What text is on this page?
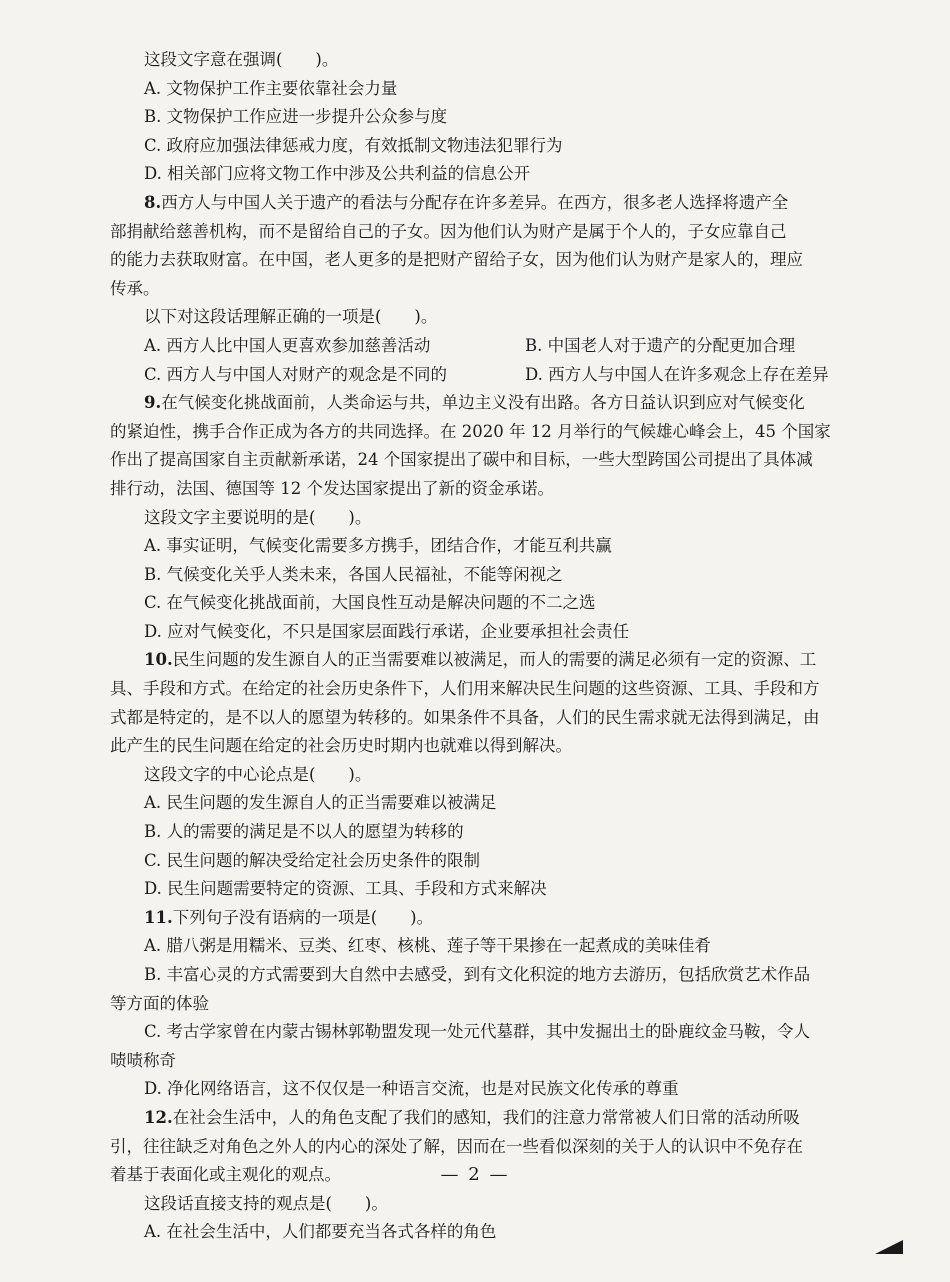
这段文字意在强调(　　)。
A. 文物保护工作主要依靠社会力量
B. 文物保护工作应进一步提升公众参与度
C. 政府应加强法律惩戒力度，有效抵制文物违法犯罪行为
D. 相关部门应将文物工作中涉及公共利益的信息公开
8.西方人与中国人关于遗产的看法与分配存在许多差异。在西方，很多老人选择将遗产全
部捐献给慈善机构，而不是留给自己的子女。因为他们认为财产是属于个人的，子女应靠自己
的能力去获取财富。在中国，老人更多的是把财产留给子女，因为他们认为财产是家人的，理应
传承。
以下对这段话理解正确的一项是(　　)。
A. 西方人比中国人更喜欢参加慈善活动	B. 中国老人对于遗产的分配更加合理
C. 西方人与中国人对财产的观念是不同的	D. 西方人与中国人在许多观念上存在差异
9.在气候变化挑战面前，人类命运与共，单边主义没有出路。各方日益认识到应对气候变化
的紧迫性，携手合作正成为各方的共同选择。在 2020 年 12 月举行的气候雄心峰会上，45 个国家
作出了提高国家自主贡献新承诺，24 个国家提出了碳中和目标，一些大型跨国公司提出了具体减
排行动，法国、德国等 12 个发达国家提出了新的资金承诺。
这段文字主要说明的是(　　)。
A. 事实证明，气候变化需要多方携手，团结合作，才能互利共赢
B. 气候变化关乎人类未来，各国人民福祉，不能等闲视之
C. 在气候变化挑战面前，大国良性互动是解决问题的不二之选
D. 应对气候变化，不只是国家层面践行承诺，企业要承担社会责任
10.民生问题的发生源自人的正当需要难以被满足，而人的需要的满足必须有一定的资源、工
具、手段和方式。在给定的社会历史条件下，人们用来解决民生问题的这些资源、工具、手段和方
式都是特定的，是不以人的愿望为转移的。如果条件不具备，人们的民生需求就无法得到满足，由
此产生的民生问题在给定的社会历史时期内也就难以得到解决。
这段文字的中心论点是(　　)。
A. 民生问题的发生源自人的正当需要难以被满足
B. 人的需要的满足是不以人的愿望为转移的
C. 民生问题的解决受给定社会历史条件的限制
D. 民生问题需要特定的资源、工具、手段和方式来解决
11.下列句子没有语病的一项是(　　)。
A. 腊八粥是用糯米、豆类、红枣、核桃、莲子等干果掺在一起煮成的美味佳肴
B. 丰富心灵的方式需要到大自然中去感受，到有文化积淀的地方去游历，包括欣赏艺术作品
等方面的体验
C. 考古学家曾在内蒙古锡林郭勒盟发现一处元代墓群，其中发掘出土的卧鹿纹金马鞍，令人
啧啧称奇
D. 净化网络语言，这不仅仅是一种语言交流，也是对民族文化传承的尊重
12.在社会生活中，人的角色支配了我们的感知，我们的注意力常常被人们日常的活动所吸
引，往往缺乏对角色之外人的内心的深处了解，因而在一些看似深刻的关于人的认识中不免存在
着基于表面化或主观化的观点。
这段话直接支持的观点是(　　)。
A. 在社会生活中，人们都要充当各式各样的角色
— 2 —
